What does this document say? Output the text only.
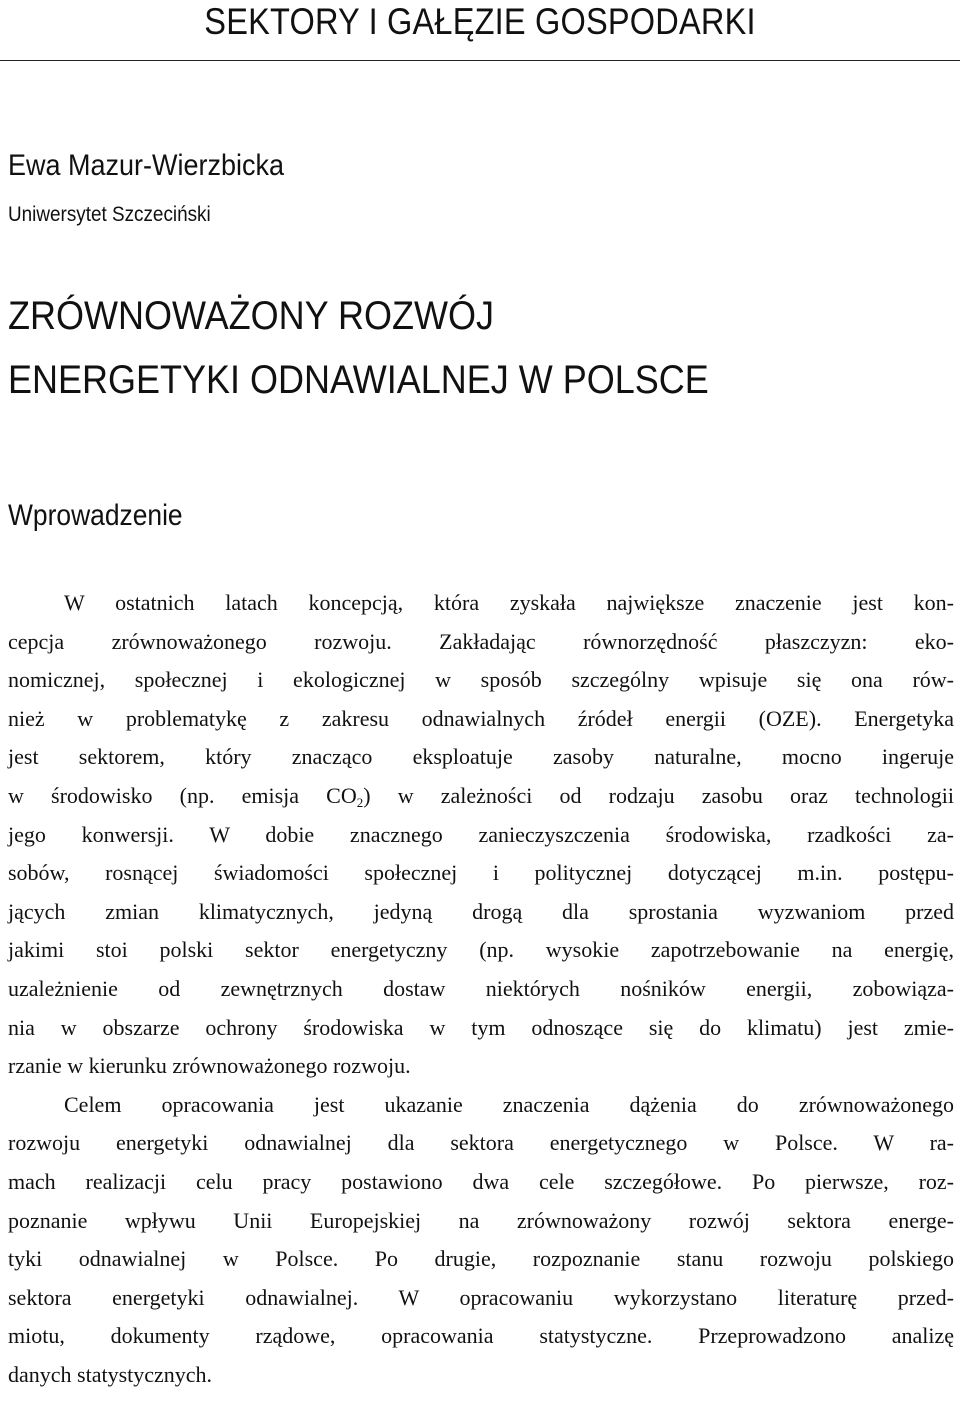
SEKTORY I GAŁĘZIE GOSPODARKI
Ewa Mazur-Wierzbicka
Uniwersytet Szczeciński
ZRÓWNOWAŻONY ROZWÓJ
ENERGETYKI ODNAWIALNEJ W POLSCE
Wprowadzenie
W ostatnich latach koncepcją, która zyskała największe znaczenie jest kon-
cepcja zrównoważonego rozwoju. Zakładając równorzędność płaszczyzn: eko-
nomicznej, społecznej i ekologicznej w sposób szczególny wpisuje się ona rów-
nież w problematykę z zakresu odnawialnych źródeł energii (OZE). Energetyka
jest sektorem, który znacząco eksploatuje zasoby naturalne, mocno ingeruje
w środowisko (np. emisja $CO_2$) w zależności od rodzaju zasobu oraz technologii
jego konwersji. W dobie znacznego zanieczyszczenia środowiska, rzadkości za-
sobów, rosnącej świadomości społecznej i politycznej dotyczącej m.in. postępu-
jących zmian klimatycznych, jedyną drogą dla sprostania wyzwaniom przed
jakimi stoi polski sektor energetyczny (np. wysokie zapotrzebowanie na energię,
uzależnienie od zewnętrznych dostaw niektórych nośników energii, zobowiąza-
nia w obszarze ochrony środowiska w tym odnoszące się do klimatu) jest zmie-
rzanie w kierunku zrównoważonego rozwoju.
Celem opracowania jest ukazanie znaczenia dążenia do zrównoważonego
rozwoju energetyki odnawialnej dla sektora energetycznego w Polsce. W ra-
mach realizacji celu pracy postawiono dwa cele szczegółowe. Po pierwsze, roz-
poznanie wpływu Unii Europejskiej na zrównoważony rozwój sektora energe-
tyki odnawialnej w Polsce. Po drugie, rozpoznanie stanu rozwoju polskiego
sektora energetyki odnawialnej. W opracowaniu wykorzystano literaturę przed-
miotu, dokumenty rządowe, opracowania statystyczne. Przeprowadzono analizę
danych statystycznych.
